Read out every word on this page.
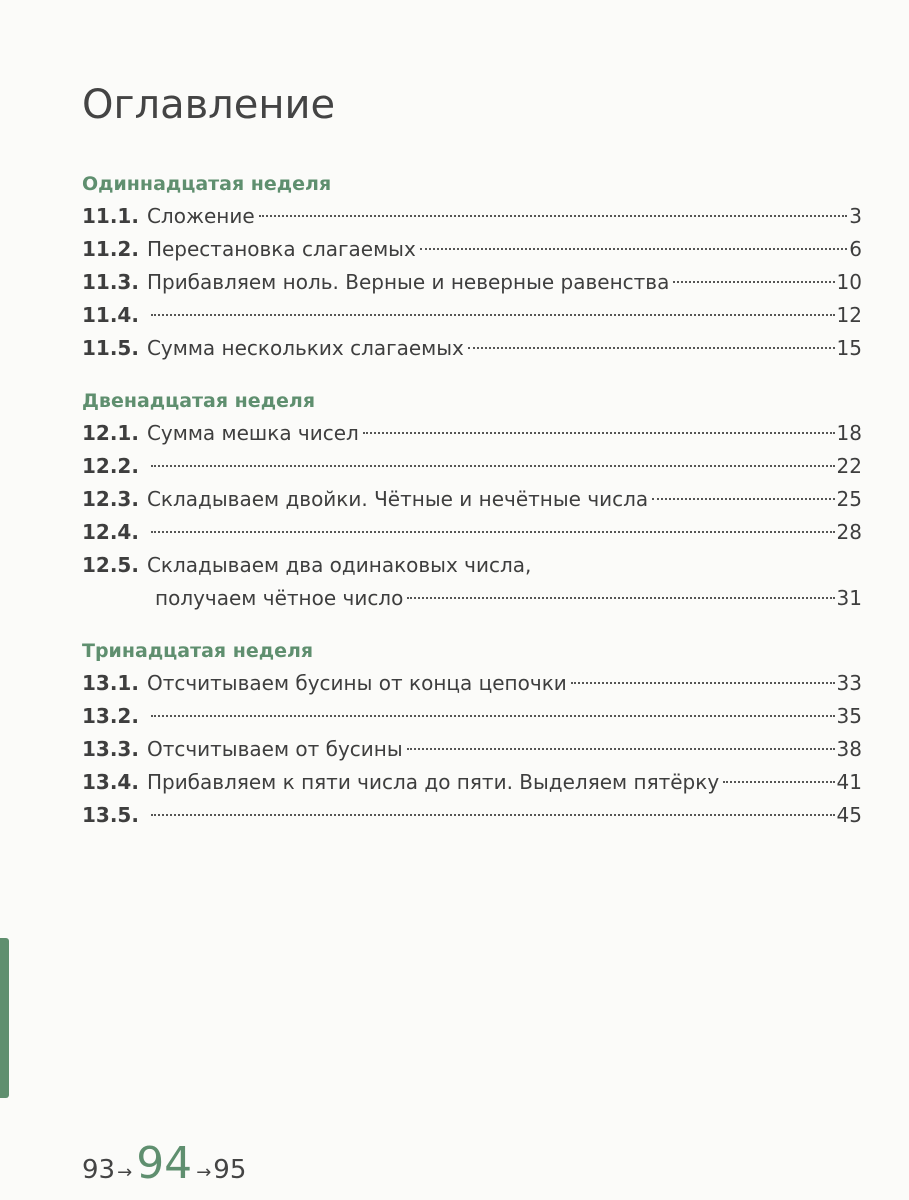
Оглавление
Одиннадцатая неделя
11.1. Сложение	3
11.2. Перестановка слагаемых	6
11.3. Прибавляем ноль. Верные и неверные равенства	10
11.4.	12
11.5. Сумма нескольких слагаемых	15
Двенадцатая неделя
12.1. Сумма мешка чисел	18
12.2.	22
12.3. Складываем двойки. Чётные и нечётные числа	25
12.4.	28
12.5. Складываем два одинаковых числа,
получаем чётное число	31
Тринадцатая неделя
13.1. Отсчитываем бусины от конца цепочки	33
13.2.	35
13.3. Отсчитываем от бусины	38
13.4. Прибавляем к пяти числа до пяти. Выделяем пятёрку	41
13.5.	45
93 → 94 → 95
